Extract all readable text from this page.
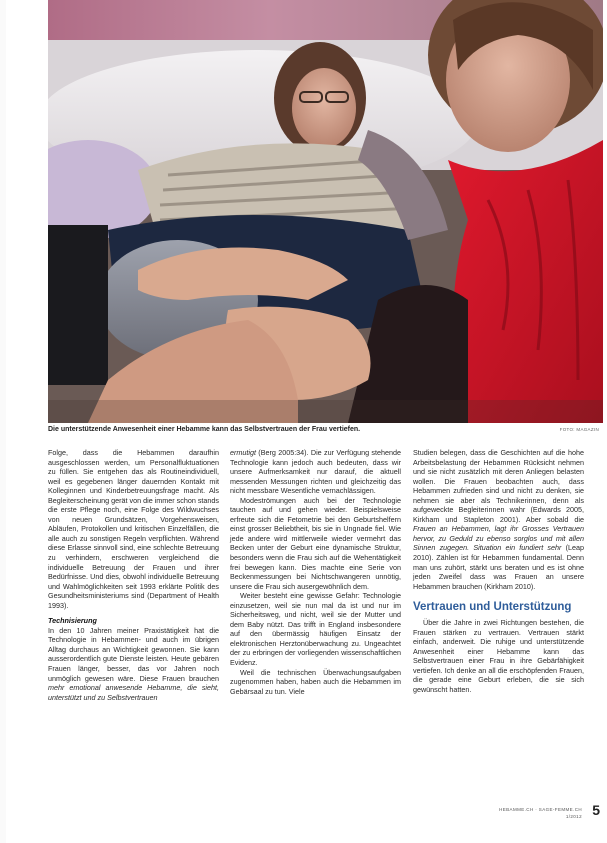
Die unterstützende Anwesenheit einer Hebamme kann das Selbstvertrauen der Frau vertiefen.	FOTO: MAGAZIN

Folge, dass die Hebammen daraufhin ausgeschlossen werden, um Personalfluktuationen zu füllen. Sie entgehen das als Routineindividuell, weil es gegebenen länger dauernden Kontakt mit Kolleginnen und Kinderbetreuungsfrage macht. Als Begleiterscheinung gerät von die immer schon stands die erste Pflege noch, eine Folge des Wildwuchses von neuen Grundsätzen, Vorgehensweisen, Abläufen, Protokollen und kritischen Einzelfällen, die alle auch zu sonstigen Regeln verpflichten. Während diese Erlasse sinnvoll sind, eine schlechte Betreuung zu verhindern, erschweren vergleichend die individuelle Betreuung der Frauen und ihrer Bedürfnisse. Und dies, obwohl individuelle Betreuung und Wahlmöglichkeiten seit 1993 erklärte Politik des Gesundheitsministeriums sind (Department of Health 1993).

Technisierung

In den 10 Jahren meiner Praxistätigkeit hat die Technologie in Hebammen- und auch im übrigen Alltag durchaus an Wichtigkeit gewonnen. Sie kann ausserordentlich gute Dienste leisten. Heute gebären Frauen länger, besser, das vor Jahren noch unmöglich gewesen wäre. Diese Frauen brauchen mehr emotional anwesende Hebamme, die sieht, unterstützt und zu Selbstvertrauen

ermutigt (Berg 2005:34). Die zur Verfügung stehende Technologie kann jedoch auch bedeuten, dass wir unsere Aufmerksamkeit nur darauf, die aktuell messenden Messungen richten und gleichzeitig das nicht messbare Wesentliche vernachlässigen.

Modeströmungen auch bei der Technologie tauchen auf und gehen wieder. Beispielsweise erfreute sich die Fetometrie bei den Geburtshelfern einst grosser Beliebtheit, bis sie in Ungnade fiel. Wie jede andere wird mittlerweile wieder vermehrt das Becken unter der Geburt eine dynamische Struktur, besonders wenn die Frau sich auf die Wehentätigkeit frei bewegen kann. Dies machte eine Serie von Beckenmessungen bei Nichtschwangeren unnötig, unsere die Frau sich ausergewöhnlich dem.

Weiter besteht eine gewisse Gefahr: Technologie einzusetzen, weil sie nun mal da ist und nur im Sicherheitsweg, und nicht, weil sie der Mutter und dem Baby nützt. Das trifft in England insbesondere auf den übermässig häufigen Einsatz der elektronischen Herztonüberwachung zu. Ungeachtet der zu erbringen der vorliegenden wissenschaftlichen Evidenz.

Weil die technischen Überwachungsaufgaben zugenommen haben, haben auch die Hebammen im Gebärsaal zu tun. Viele

Studien belegen, dass die Geschichten auf die hohe Arbeitsbelastung der Hebammen Rücksicht nehmen und sie nicht zusätzlich mit deren Anliegen belasten wollen. Die Frauen beobachten auch, dass Hebammen zufrieden sind und nicht zu denken, sie nehmen sie aber als Technikerinnen, denn als aufgeweckte Begleiterinnen wahr (Edwards 2005, Kirkham und Stapleton 2001). Aber sobald die Frauen an Hebammen, lagt ihr Grosses Vertrauen hervor, zu Geduld zu ebenso sorglos und mit allen Sinnen zugegen. Situation ein fundiert sehr (Leap 2010). Zählen ist für Hebammen fundamental. Denn man uns zuhört, stärkt uns beraten und es ist ohne jeden Zweifel dass was Frauen an unsere Hebammen brauchen (Kirkham 2010).

Vertrauen und Unterstützung

Über die Jahre in zwei Richtungen bestehen, die Frauen stärken zu vertrauen. Vertrauen stärkt einfach, anderweit. Die ruhige und unterstützende Anwesenheit einer Hebamme kann das Selbstvertrauen einer Frau in ihre Gebärfähigkeit vertiefen. Ich denke an all die erschöpfenden Frauen, die gerade eine Geburt erleben, die sie sich gewünscht hatten.

HEBAMME.CH · SAGE-FEMME.CH 1/2012 5
